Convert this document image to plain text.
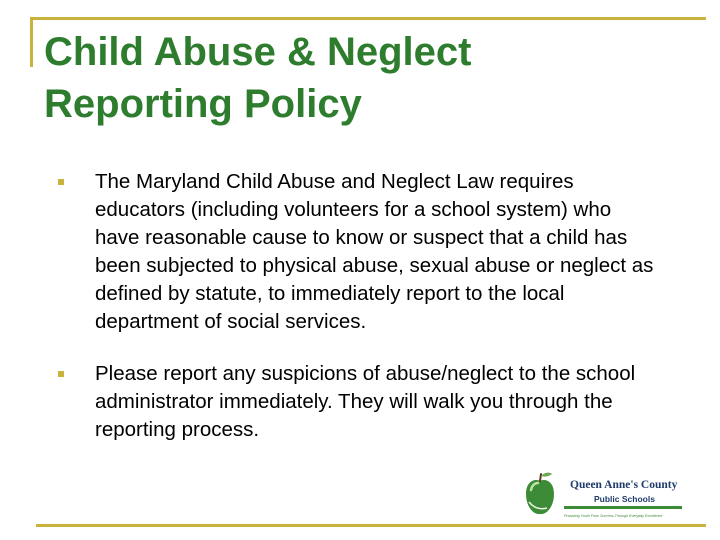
Child Abuse & Neglect
Reporting Policy
The Maryland Child Abuse and Neglect Law requires educators (including volunteers for a school system) who have reasonable cause to know or suspect that a child has been subjected to physical abuse, sexual abuse or neglect as defined by statute, to immediately report to the local department of social services.
Please report any suspicions of abuse/neglect to the school administrator immediately. They will walk you through the reporting process.
Queen Anne's County
Public Schools
Preparing Youth From Success Through Everyday Excellence
